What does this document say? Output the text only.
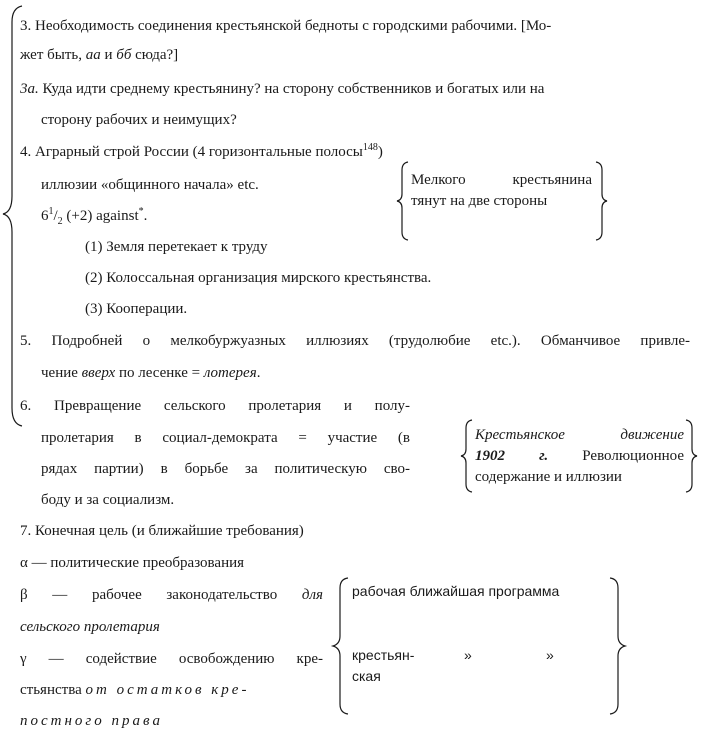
3. Необходимость соединения крестьянской бедноты с городскими рабочими. [Мо-
жет быть, аа и бб сюда?]
3а. Куда идти среднему крестьянину? на сторону собственников и богатых или на
сторону рабочих и неимущих?
4. Аграрный строй России (4 горизонтальные полосы$^{148}$)
иллюзии «общинного начала» etc.
$6^1/_2$ (+2) against*.
(1) Земля перетекает к труду
(2) Колоссальная организация мирского крестьянства.
(3) Кооперации.
Мелкого крестьянина
тянут на две стороны
5. Подробней о мелкобуржуазных иллюзиях (трудолюбие etc.). Обманчивое привле-
чение вверх по лесенке = лотерея.
6. Превращение сельского пролетария и полу-
пролетария в социал-демократа = участие (в
рядах партии) в борьбе за политическую сво-
боду и за социализм.
Крестьянское движение
1902 г. Революционное
содержание и иллюзии
7. Конечная цель (и ближайшие требования)
α — политические преобразования
β — рабочее законодательство для
сельского пролетария
γ — содействие освобождению кре-
стьянства от остатков кре-
постного права
рабочая ближайшая программа
крестьян-
ская
»	»
